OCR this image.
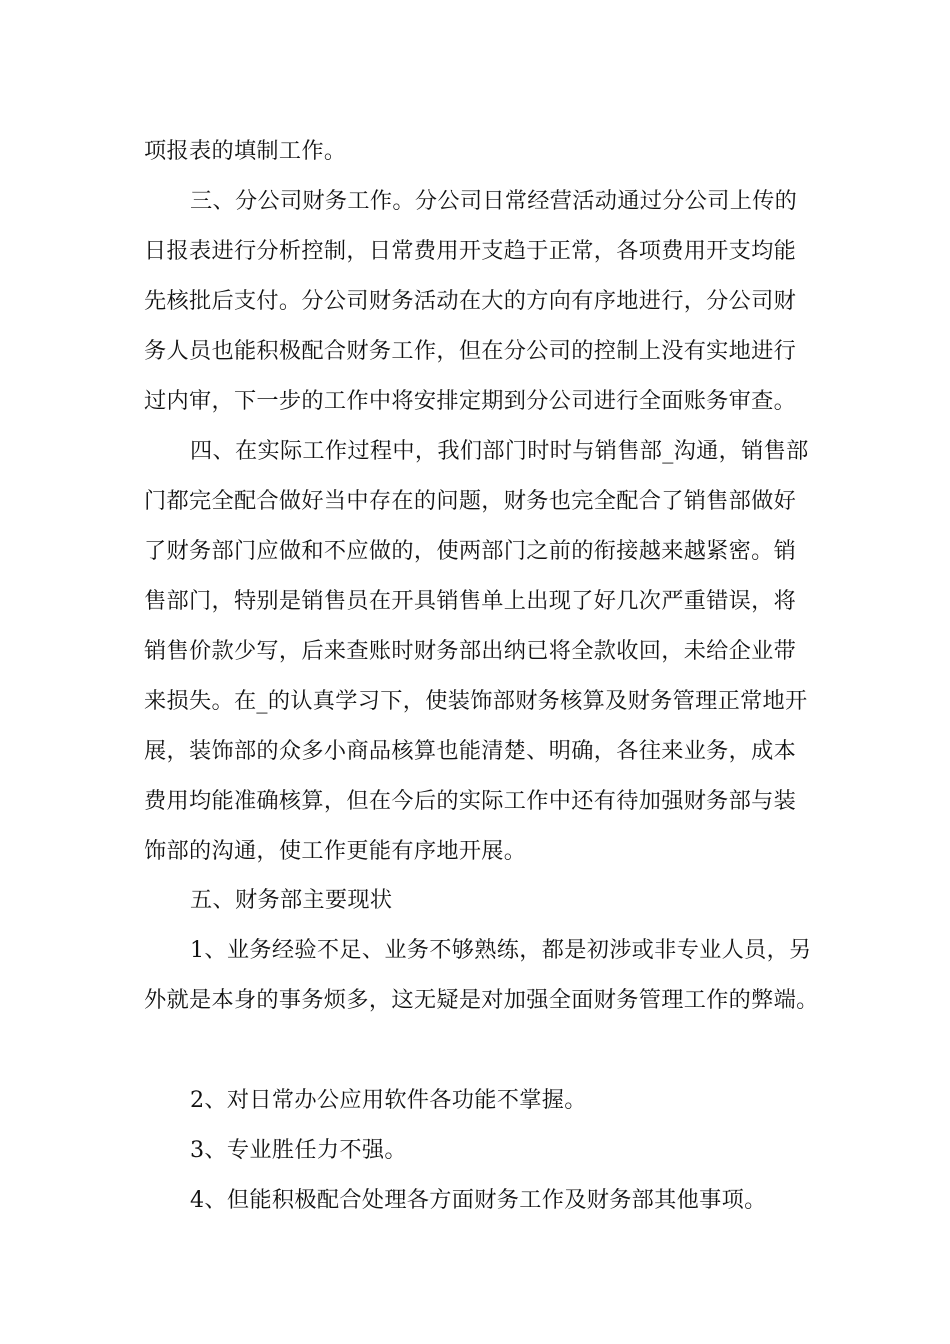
项报表的填制工作。
三、分公司财务工作。分公司日常经营活动通过分公司上传的
日报表进行分析控制，日常费用开支趋于正常，各项费用开支均能
先核批后支付。分公司财务活动在大的方向有序地进行，分公司财
务人员也能积极配合财务工作，但在分公司的控制上没有实地进行
过内审，下一步的工作中将安排定期到分公司进行全面账务审查。
四、在实际工作过程中，我们部门时时与销售部_沟通，销售部
门都完全配合做好当中存在的问题，财务也完全配合了销售部做好
了财务部门应做和不应做的，使两部门之前的衔接越来越紧密。销
售部门，特别是销售员在开具销售单上出现了好几次严重错误，将
销售价款少写，后来查账时财务部出纳已将全款收回，未给企业带
来损失。在_的认真学习下，使装饰部财务核算及财务管理正常地开
展，装饰部的众多小商品核算也能清楚、明确，各往来业务，成本
费用均能准确核算，但在今后的实际工作中还有待加强财务部与装
饰部的沟通，使工作更能有序地开展。
五、财务部主要现状
1、业务经验不足、业务不够熟练，都是初涉或非专业人员，另
外就是本身的事务烦多，这无疑是对加强全面财务管理工作的弊端。
2、对日常办公应用软件各功能不掌握。
3、专业胜任力不强。
4、但能积极配合处理各方面财务工作及财务部其他事项。
